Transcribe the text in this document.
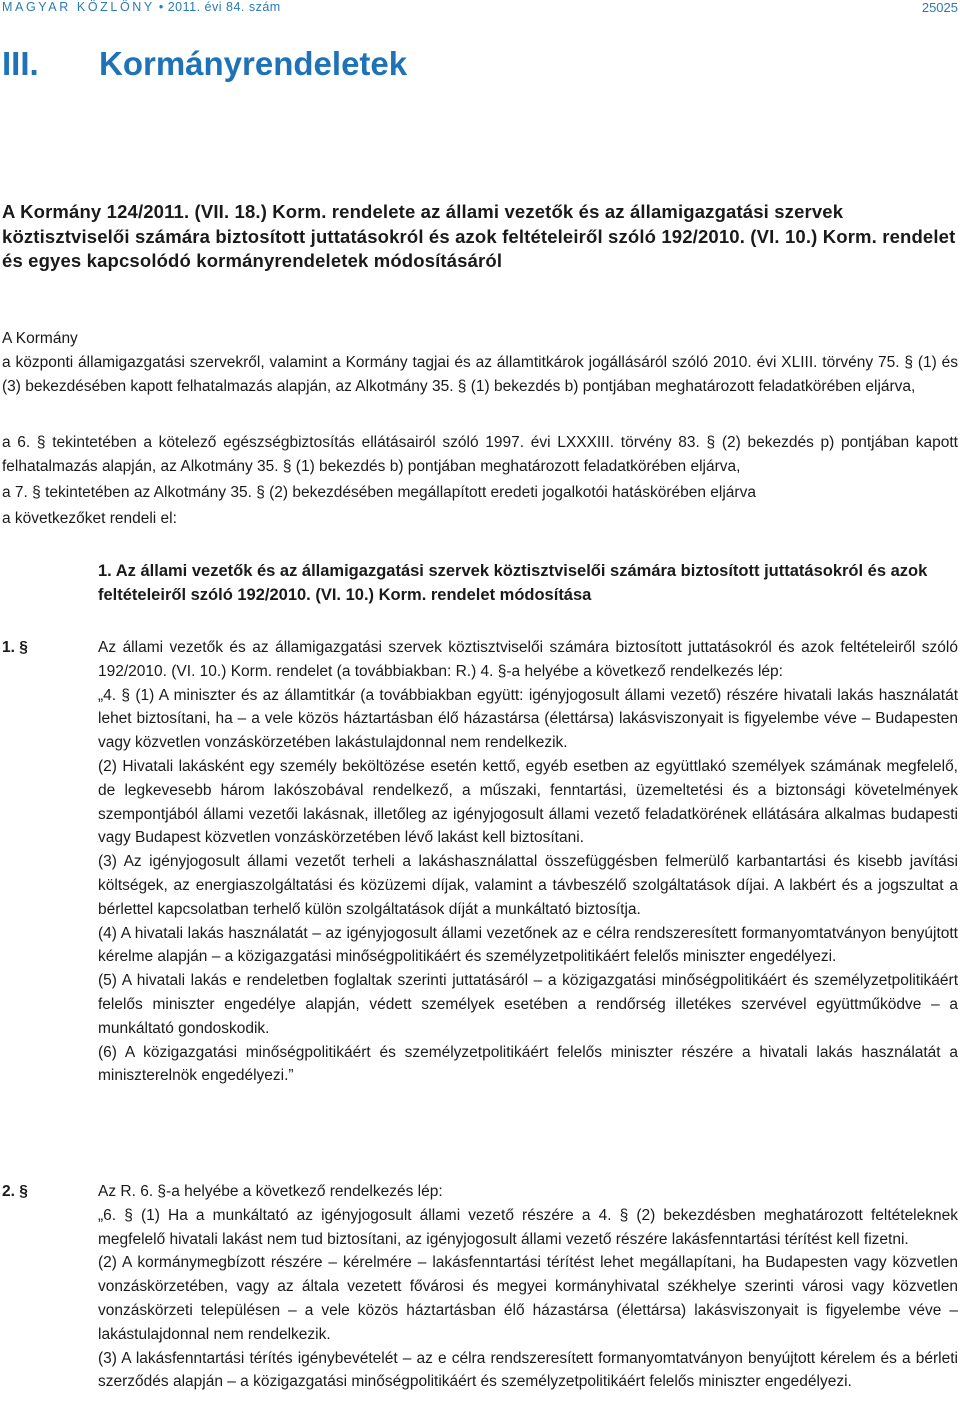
MAGYAR KÖZLÖNY • 2011. évi 84. szám	25025
III. Kormányrendeletek
A Kormány 124/2011. (VII. 18.) Korm. rendelete az állami vezetők és az államigazgatási szervek köztisztviselői számára biztosított juttatásokról és azok feltételeiről szóló 192/2010. (VI. 10.) Korm. rendelet és egyes kapcsolódó kormányrendeletek módosításáról

A Kormány

a központi államigazgatási szervekről, valamint a Kormány tagjai és az államtitkárok jogállásáról szóló 2010. évi XLIII. törvény 75. § (1) és (3) bekezdésében kapott felhatalmazás alapján, az Alkotmány 35. § (1) bekezdés b) pontjában meghatározott feladatkörében eljárva,

a 6. § tekintetében a kötelező egészségbiztosítás ellátásairól szóló 1997. évi LXXXIII. törvény 83. § (2) bekezdés p) pontjában kapott felhatalmazás alapján, az Alkotmány 35. § (1) bekezdés b) pontjában meghatározott feladatkörében eljárva,

a 7. § tekintetében az Alkotmány 35. § (2) bekezdésében megállapított eredeti jogalkotói hatáskörében eljárva

a következőket rendeli el:

1. Az állami vezetők és az államigazgatási szervek köztisztviselői számára biztosított juttatásokról és azok feltételeiről szóló 192/2010. (VI. 10.) Korm. rendelet módosítása
1. §	Az állami vezetők és az államigazgatási szervek köztisztviselői számára biztosított juttatásokról és azok feltételeiről szóló 192/2010. (VI. 10.) Korm. rendelet (a továbbiakban: R.) 4. §-a helyébe a következő rendelkezés lép:

„4. § (1) A miniszter és az államtitkár (a továbbiakban együtt: igényjogosult állami vezető) részére hivatali lakás használatát lehet biztosítani, ha – a vele közös háztartásban élő házastársa (élettársa) lakásviszonyait is figyelembe véve – Budapesten vagy közvetlen vonzáskörzetében lakástulajdonnal nem rendelkezik.

(2) Hivatali lakásként egy személy beköltözése esetén kettő, egyéb esetben az együttlakó személyek számának megfelelő, de legkevesebb három lakószobával rendelkező, a műszaki, fenntartási, üzemeltetési és a biztonsági követelmények szempontjából állami vezetői lakásnak, illetőleg az igényjogosult állami vezető feladatkörének ellátására alkalmas budapesti vagy Budapest közvetlen vonzáskörzetében lévő lakást kell biztosítani.

(3) Az igényjogosult állami vezetőt terheli a lakáshasználattal összefüggésben felmerülő karbantartási és kisebb javítási költségek, az energiaszolgáltatási és közüzemi díjak, valamint a távbeszélő szolgáltatások díjai. A lakbért és a jogszultat a bérlettel kapcsolatban terhelő külön szolgáltatások díját a munkáltató biztosítja.

(4) A hivatali lakás használatát – az igényjogosult állami vezetőnek az e célra rendszeresített formanyomtatványon benyújtott kérelme alapján – a közigazgatási minőségpolitikáért és személyzetpolitikáért felelős miniszter engedélyezi.

(5) A hivatali lakás e rendeletben foglaltak szerinti juttatásáról – a közigazgatási minőségpolitikáért és személyzetpolitikáért felelős miniszter engedélye alapján, védett személyek esetében a rendőrség illetékes szervével együttműködve – a munkáltató gondoskodik.

(6) A közigazgatási minőségpolitikáért és személyzetpolitikáért felelős miniszter részére a hivatali lakás használatát a miniszterelnök engedélyezi.”

2. §	Az R. 6. §-a helyébe a következő rendelkezés lép:

„6. § (1) Ha a munkáltató az igényjogosult állami vezető részére a 4. § (2) bekezdésben meghatározott feltételeknek megfelelő hivatali lakást nem tud biztosítani, az igényjogosult állami vezető részére lakásfenntartási térítést kell fizetni.

(2) A kormánymegbízott részére – kérelmére – lakásfenntartási térítést lehet megállapítani, ha Budapesten vagy közvetlen vonzáskörzetében, vagy az általa vezetett fővárosi és megyei kormányhivatal székhelye szerinti városi vagy közvetlen vonzáskörzeti településen – a vele közös háztartásban élő házastársa (élettársa) lakásviszonyait is figyelembe véve – lakástulajdonnal nem rendelkezik.

(3) A lakásfenntartási térítés igénybevételét – az e célra rendszeresített formanyomtatványon benyújtott kérelem és a bérleti szerződés alapján – a közigazgatási minőségpolitikáért és személyzetpolitikáért felelős miniszter engedélyezi.
